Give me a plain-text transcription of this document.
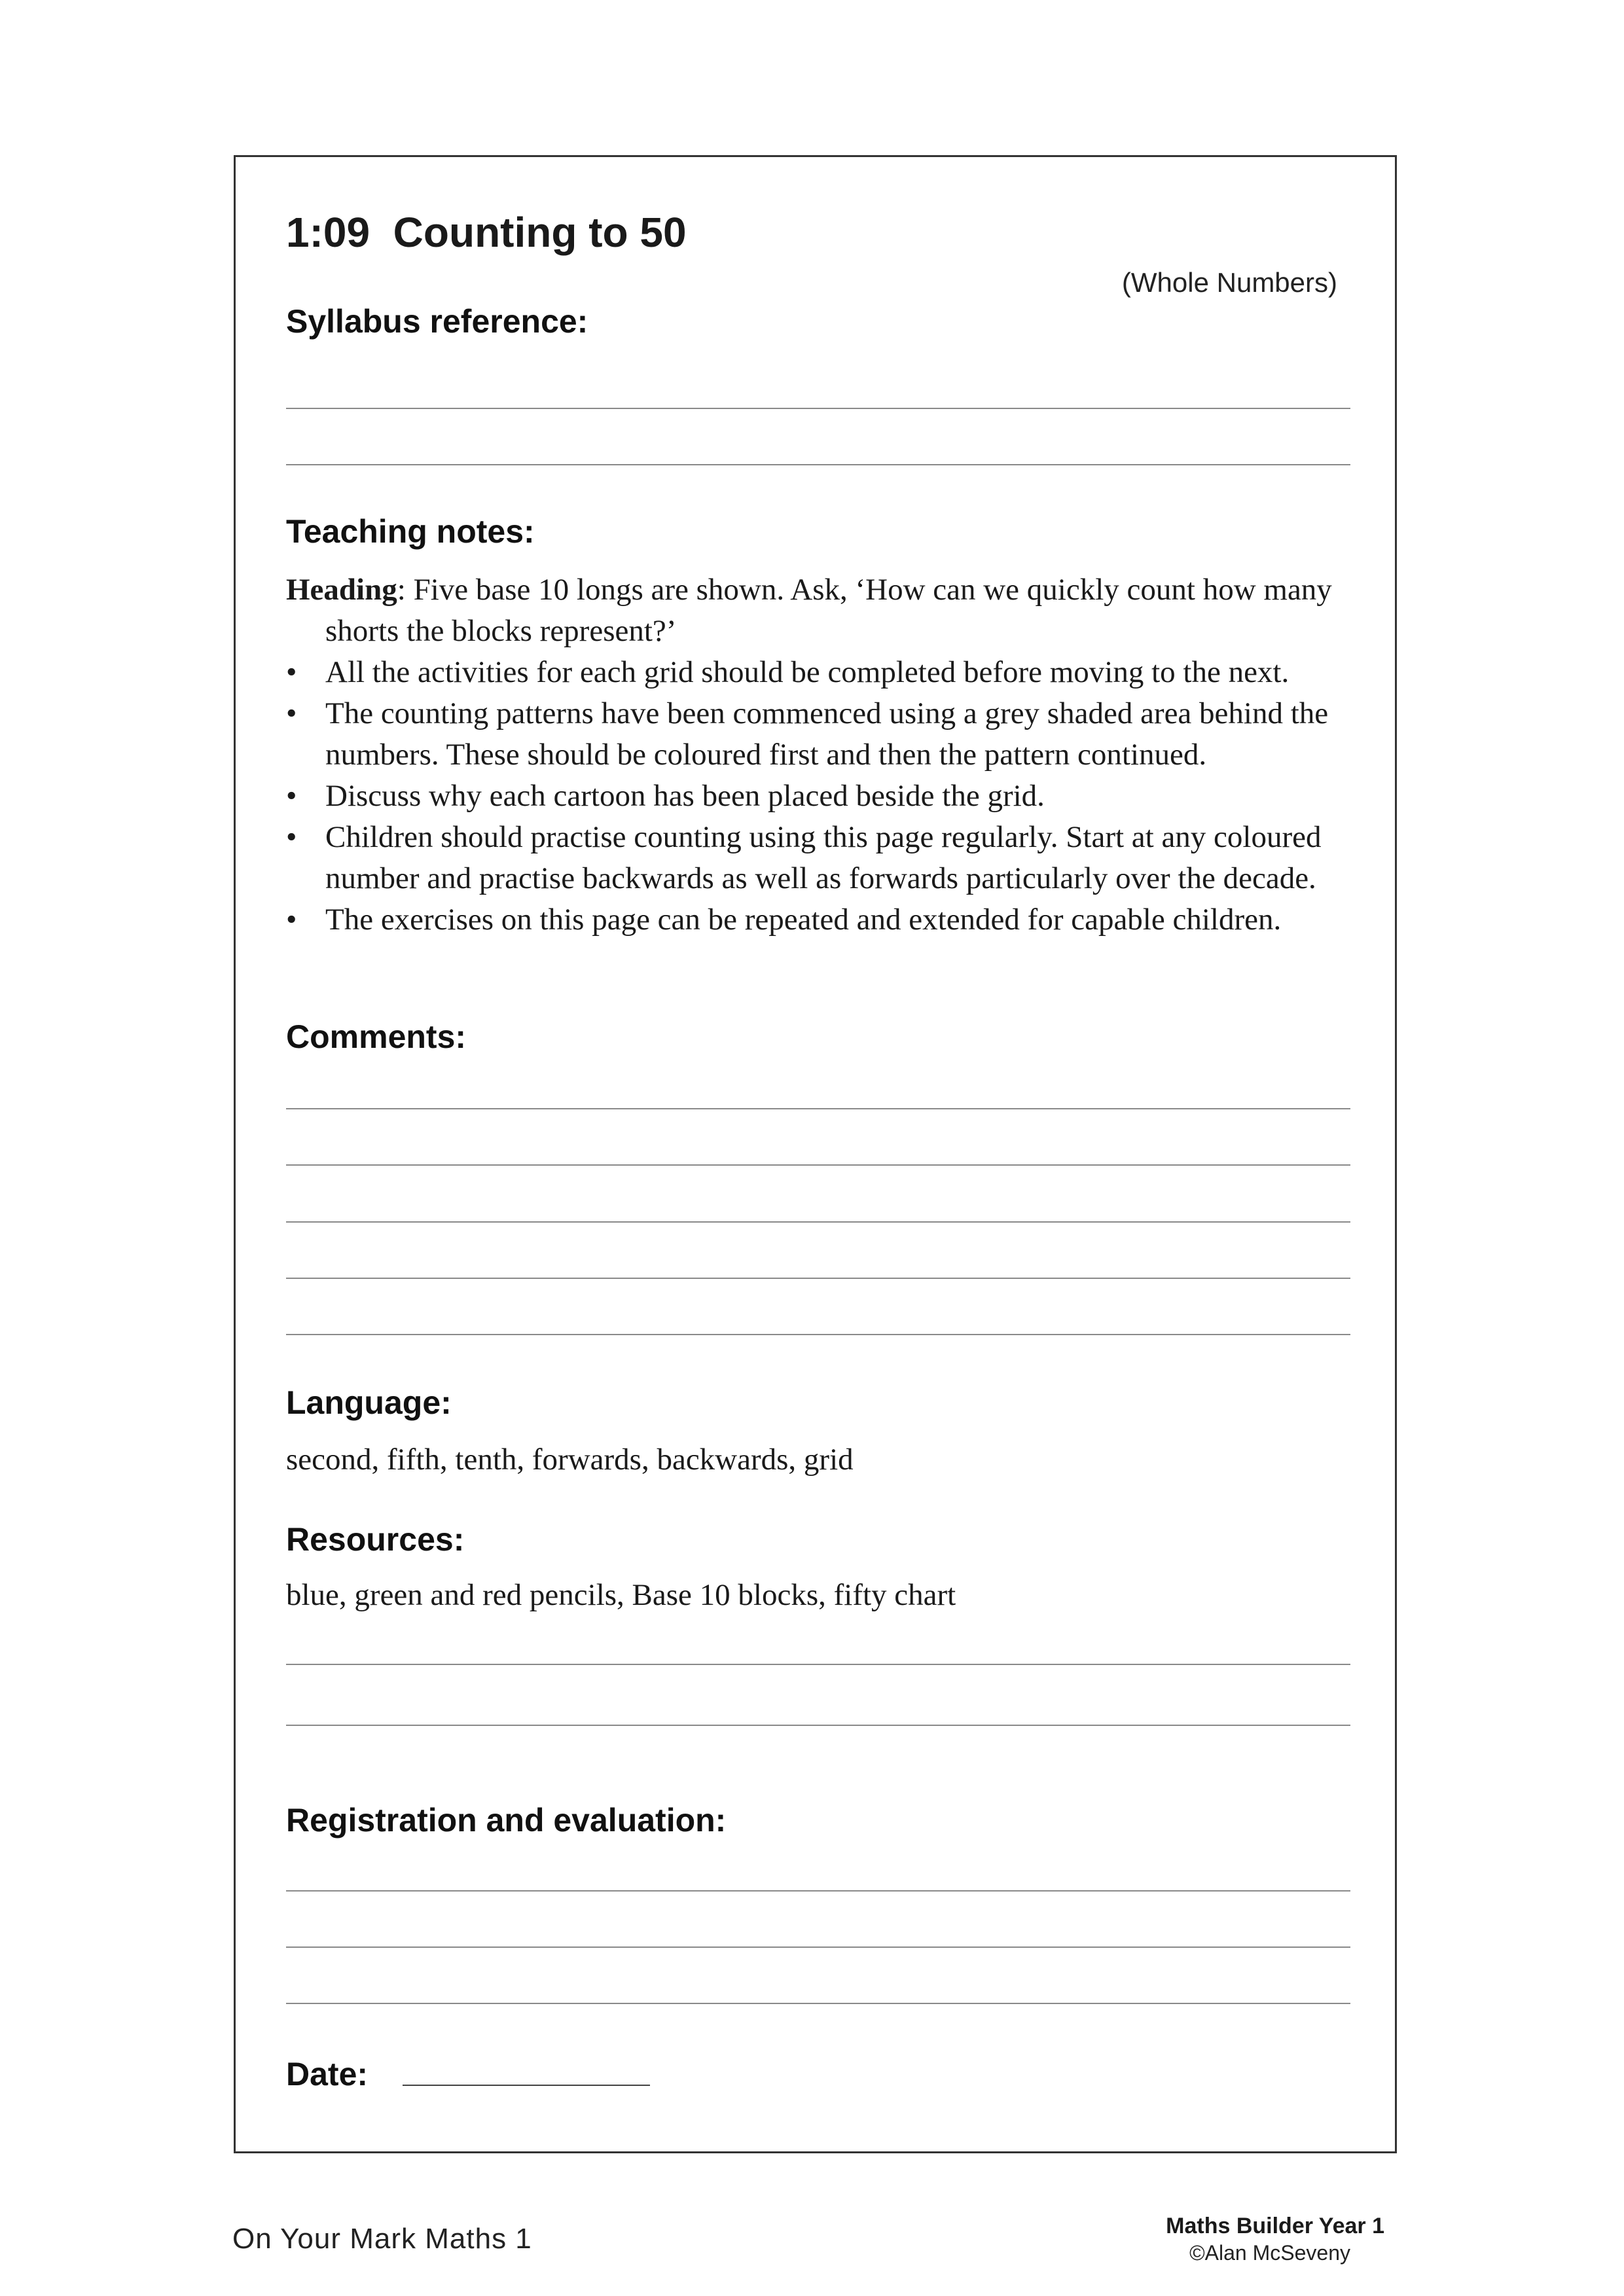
1:09  Counting to 50
(Whole Numbers)
Syllabus reference:
Teaching notes:

Heading: Five base 10 longs are shown. Ask, ‘How can we quickly count how many shorts the blocks represent?’

• All the activities for each grid should be completed before moving to the next.
• The counting patterns have been commenced using a grey shaded area behind the numbers. These should be coloured first and then the pattern continued.
• Discuss why each cartoon has been placed beside the grid.
• Children should practise counting using this page regularly. Start at any coloured number and practise backwards as well as forwards particularly over the decade.
• The exercises on this page can be repeated and extended for capable children.
Comments:
Language:
second, fifth, tenth, forwards, backwards, grid
Resources:
blue, green and red pencils, Base 10 blocks, fifty chart
Registration and evaluation:
Date:
On Your Mark Maths 1	Maths Builder Year 1
©Alan McSeveny
